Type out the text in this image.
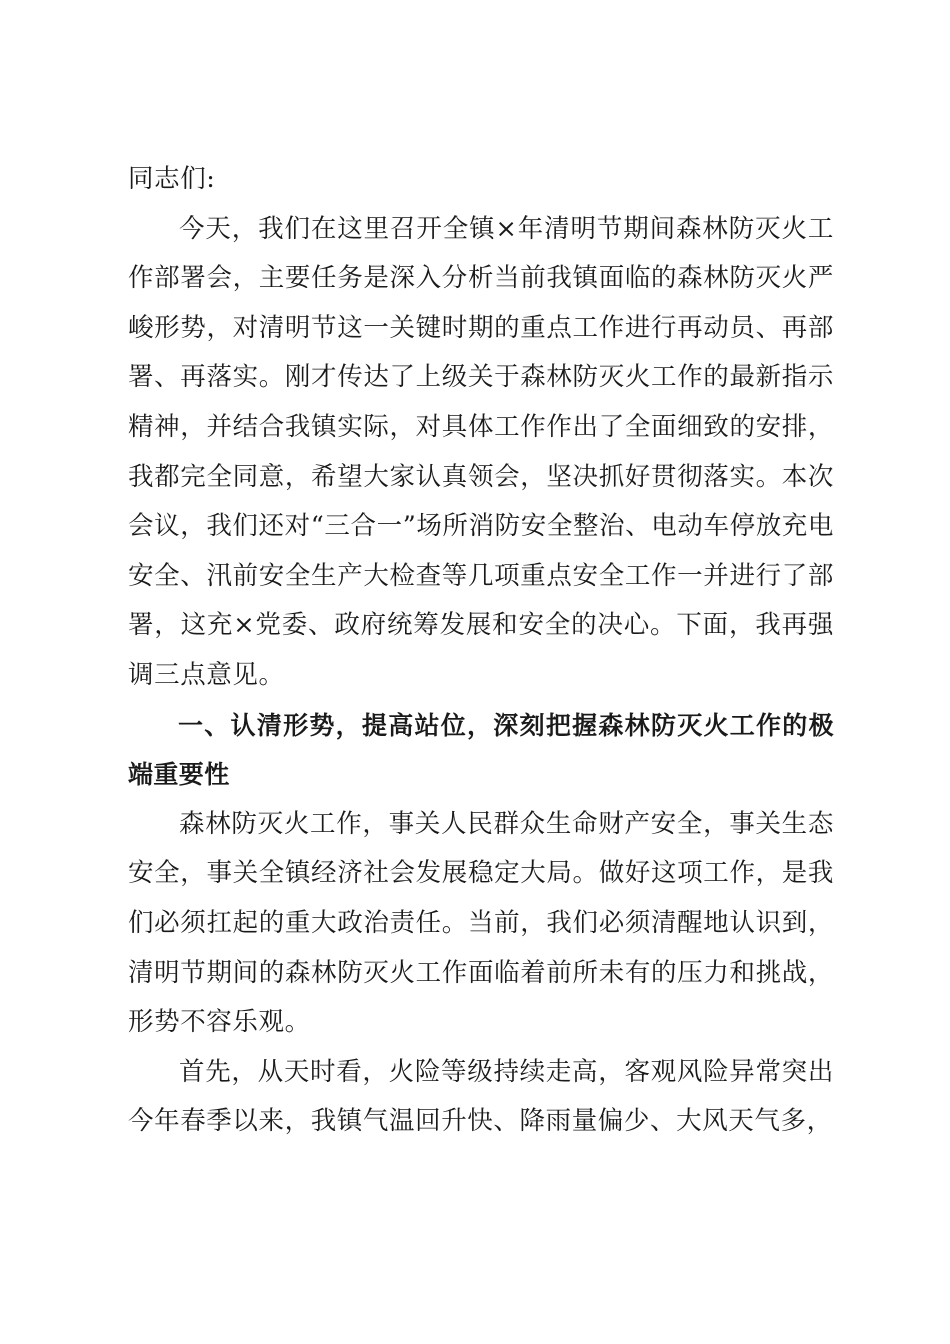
同志们:

今天，我们在这里召开全镇×年清明节期间森林防灭火工作部署会，主要任务是深入分析当前我镇面临的森林防灭火严峻形势，对清明节这一关键时期的重点工作进行再动员、再部署、再落实。刚才传达了上级关于森林防灭火工作的最新指示精神，并结合我镇实际，对具体工作作出了全面细致的安排，我都完全同意，希望大家认真领会，坚决抓好贯彻落实。本次会议，我们还对“三合一”场所消防安全整治、电动车停放充电安全、汛前安全生产大检查等几项重点安全工作一并进行了部署，这充×党委、政府统筹发展和安全的决心。下面，我再强调三点意见。

一、认清形势，提高站位，深刻把握森林防灭火工作的极端重要性

森林防灭火工作，事关人民群众生命财产安全，事关生态安全，事关全镇经济社会发展稳定大局。做好这项工作，是我们必须扛起的重大政治责任。当前，我们必须清醒地认识到，清明节期间的森林防灭火工作面临着前所未有的压力和挑战，形势不容乐观。

首先，从天时看，火险等级持续走高，客观风险异常突出今年春季以来，我镇气温回升快、降雨量偏少、大风天气多，
